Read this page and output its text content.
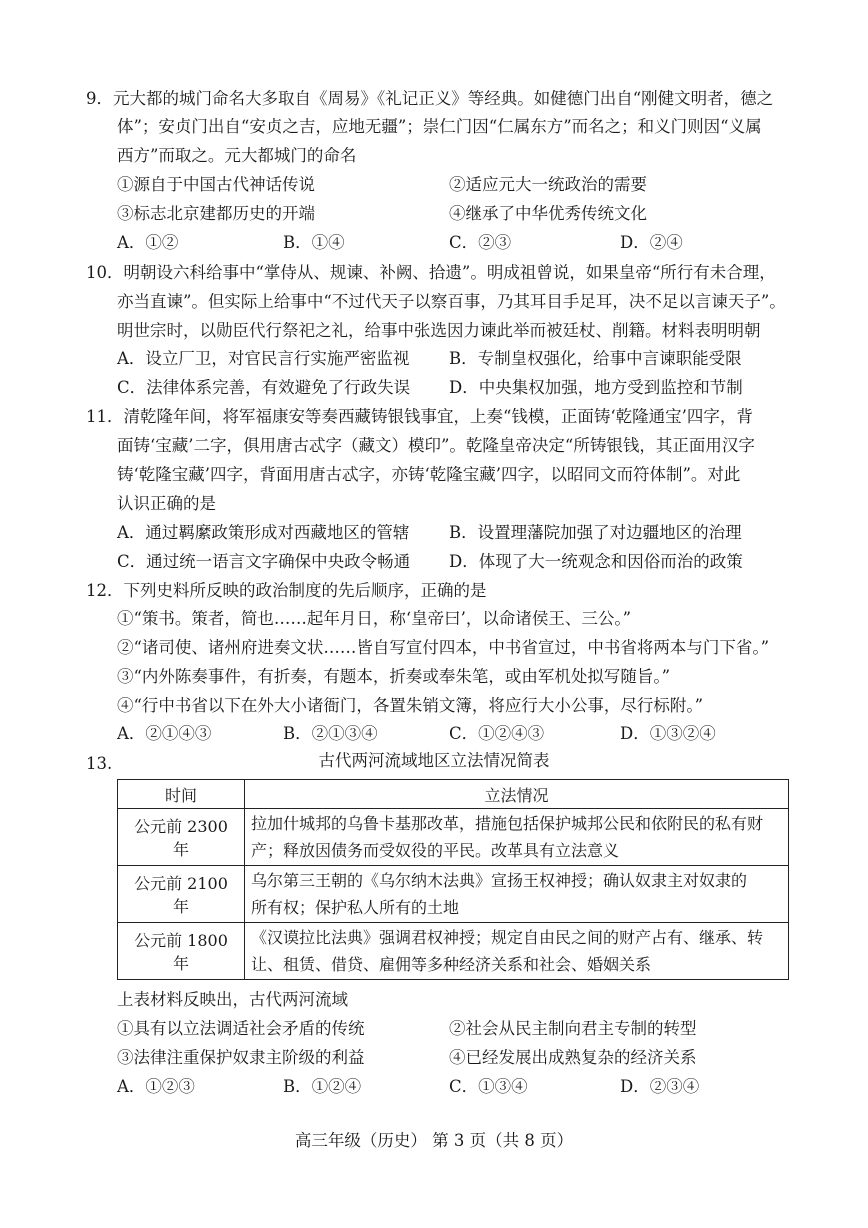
9．元大都的城门命名大多取自《周易》《礼记正义》等经典。如健德门出自“刚健文明者，德之
体”；安贞门出自“安贞之吉，应地无疆”；崇仁门因“仁属东方”而名之；和义门则因“义属
西方”而取之。元大都城门的命名
①源自于中国古代神话传说	②适应元大一统政治的需要
③标志北京建都历史的开端	④继承了中华优秀传统文化
A．①②	B．①④	C．②③	D．②④
10．明朝设六科给事中“掌侍从、规谏、补阙、拾遗”。明成祖曾说，如果皇帝“所行有未合理，
亦当直谏”。但实际上给事中“不过代天子以察百事，乃其耳目手足耳，决不足以言谏天子”。
明世宗时，以勋臣代行祭祀之礼，给事中张选因力谏此举而被廷杖、削籍。材料表明明朝
A．设立厂卫，对官民言行实施严密监视 B．专制皇权强化，给事中言谏职能受限
C．法律体系完善，有效避免了行政失误 D．中央集权加强，地方受到监控和节制
11．清乾隆年间，将军福康安等奏西藏铸银钱事宜，上奏“钱模，正面铸‘乾隆通宝’四字，背
面铸‘宝藏’二字，俱用唐古忒字（藏文）模印”。乾隆皇帝决定“所铸银钱，其正面用汉字
铸‘乾隆宝藏’四字，背面用唐古忒字，亦铸‘乾隆宝藏’四字，以昭同文而符体制”。对此
认识正确的是
A．通过羁縻政策形成对西藏地区的管辖 B．设置理藩院加强了对边疆地区的治理
C．通过统一语言文字确保中央政令畅通 D．体现了大一统观念和因俗而治的政策
12．下列史料所反映的政治制度的先后顺序，正确的是
①“策书。策者，简也……起年月日，称‘皇帝曰’，以命诸侯王、三公。”
②“诸司使、诸州府进奏文状……皆自写宣付四本，中书省宣过，中书省将两本与门下省。”
③“内外陈奏事件，有折奏，有题本，折奏或奉朱笔，或由军机处拟写随旨。”
④“行中书省以下在外大小诸衙门，各置朱销文簿，将应行大小公事，尽行标附。”
A．②①④③	B．②①③④	C．①②④③	D．①③②④
13.	古代两河流域地区立法情况简表
时间	立法情况
公元前 2300 年	拉加什城邦的乌鲁卡基那改革，措施包括保护城邦公民和依附民的私有财
产；释放因债务而受奴役的平民。改革具有立法意义

公元前 2100 年	乌尔第三王朝的《乌尔纳木法典》宣扬王权神授；确认奴隶主对奴隶的
所有权；保护私人所有的土地

公元前 1800 年	《汉谟拉比法典》强调君权神授；规定自由民之间的财产占有、继承、转
让、租赁、借贷、雇佣等多种经济关系和社会、婚姻关系
上表材料反映出，古代两河流域
①具有以立法调适社会矛盾的传统	②社会从民主制向君主专制的转型
③法律注重保护奴隶主阶级的利益	④已经发展出成熟复杂的经济关系
A．①②③	B．①②④	C．①③④	D．②③④
高三年级（历史） 第 3 页（共 8 页）
